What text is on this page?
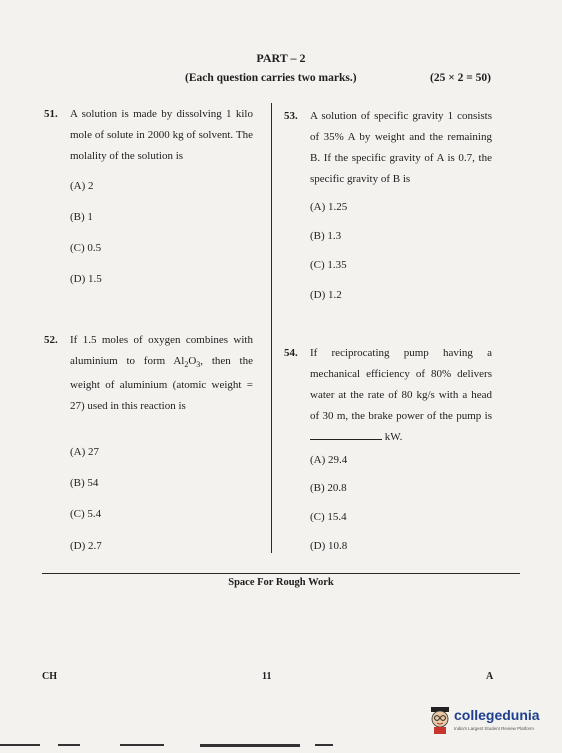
PART – 2
(Each question carries two marks.)	(25 × 2 = 50)
51. A solution is made by dissolving 1 kilo mole of solute in 2000 kg of solvent. The molality of the solution is
(A) 2
(B) 1
(C) 0.5
(D) 1.5
52. If 1.5 moles of oxygen combines with aluminium to form $Al_2O_3$, then the weight of aluminium (atomic weight = 27) used in this reaction is
(A) 27
(B) 54
(C) 5.4
(D) 2.7
53. A solution of specific gravity 1 consists of 35% A by weight and the remaining B. If the specific gravity of A is 0.7, the specific gravity of B is
(A) 1.25
(B) 1.3
(C) 1.35
(D) 1.2
54. If reciprocating pump having a mechanical efficiency of 80% delivers water at the rate of 80 kg/s with a head of 30 m, the brake power of the pump is  kW.
(A) 29.4
(B) 20.8
(C) 15.4
(D) 10.8
Space For Rough Work
CH	11	A
collegedunia
India's Largest Student Review Platform
